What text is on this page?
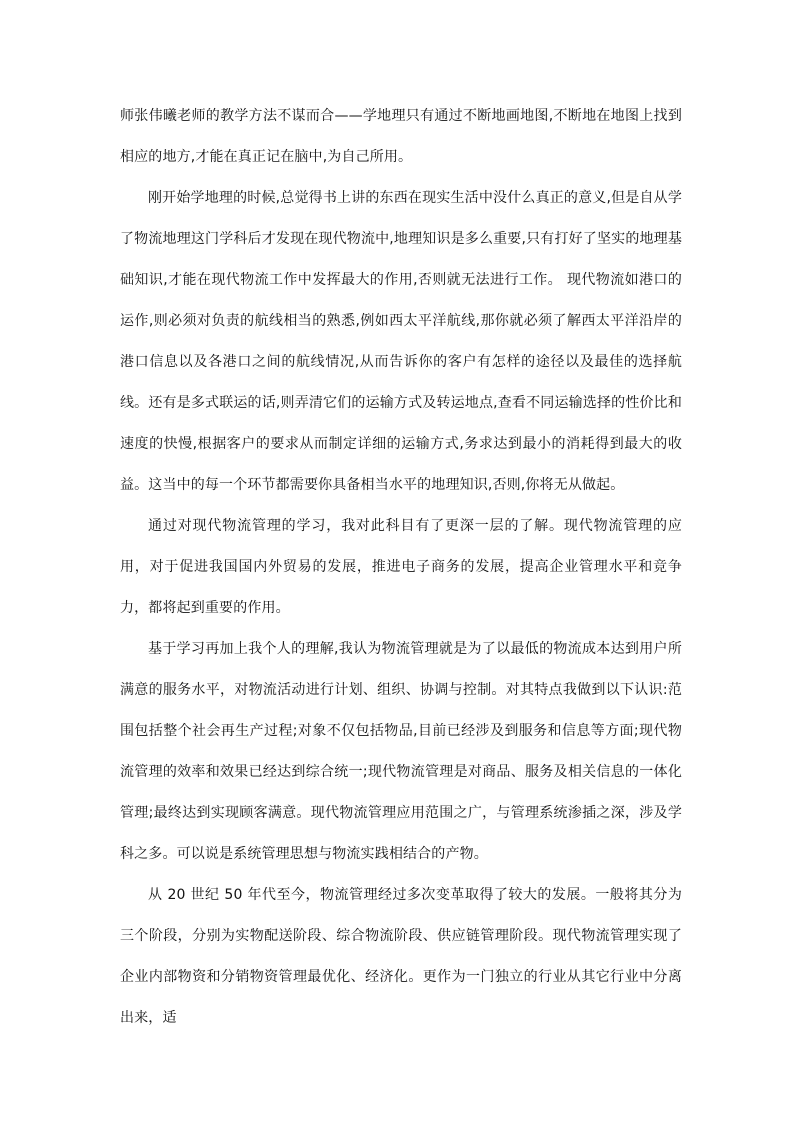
师张伟曦老师的教学方法不谋而合——学地理只有通过不断地画地图,不断地在地图上找到相应的地方,才能在真正记在脑中,为自己所用。

刚开始学地理的时候,总觉得书上讲的东西在现实生活中没什么真正的意义,但是自从学了物流地理这门学科后才发现在现代物流中,地理知识是多么重要,只有打好了坚实的地理基础知识,才能在现代物流工作中发挥最大的作用,否则就无法进行工作。 现代物流如港口的运作,则必须对负责的航线相当的熟悉,例如西太平洋航线,那你就必须了解西太平洋沿岸的港口信息以及各港口之间的航线情况,从而告诉你的客户有怎样的途径以及最佳的选择航线。还有是多式联运的话,则弄清它们的运输方式及转运地点,查看不同运输选择的性价比和速度的快慢,根据客户的要求从而制定详细的运输方式,务求达到最小的消耗得到最大的收益。这当中的每一个环节都需要你具备相当水平的地理知识,否则,你将无从做起。

通过对现代物流管理的学习，我对此科目有了更深一层的了解。现代物流管理的应用，对于促进我国国内外贸易的发展，推进电子商务的发展，提高企业管理水平和竞争力，都将起到重要的作用。

基于学习再加上我个人的理解,我认为物流管理就是为了以最低的物流成本达到用户所满意的服务水平，对物流活动进行计划、组织、协调与控制。对其特点我做到以下认识:范围包括整个社会再生产过程;对象不仅包括物品,目前已经涉及到服务和信息等方面;现代物流管理的效率和效果已经达到综合统一;现代物流管理是对商品、服务及相关信息的一体化管理;最终达到实现顾客满意。现代物流管理应用范围之广，与管理系统渗插之深，涉及学科之多。可以说是系统管理思想与物流实践相结合的产物。

从 20 世纪 50 年代至今，物流管理经过多次变革取得了较大的发展。一般将其分为三个阶段，分别为实物配送阶段、综合物流阶段、供应链管理阶段。现代物流管理实现了企业内部物资和分销物资管理最优化、经济化。更作为一门独立的行业从其它行业中分离出来，适
